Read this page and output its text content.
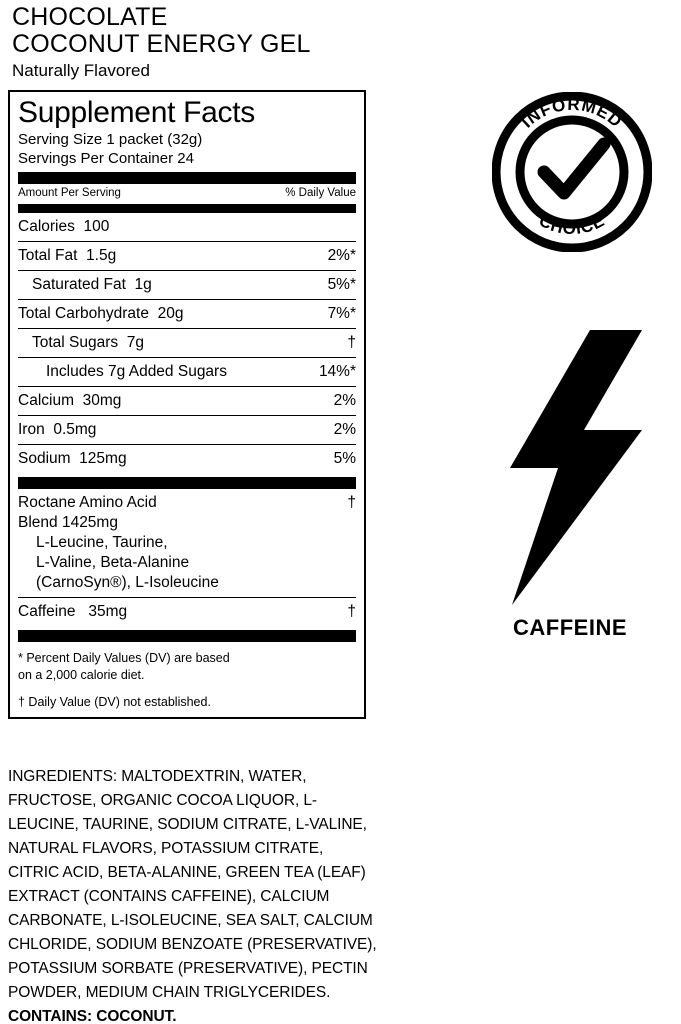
CHOCOLATE
COCONUT ENERGY GEL
Naturally Flavored
Supplement Facts
Serving Size 1 packet (32g)
Servings Per Container 24
Amount Per Serving	% Daily Value
Calories  100
Total Fat  1.5g	2%*
Saturated Fat  1g	5%*
Total Carbohydrate  20g	7%*
Total Sugars  7g	†
Includes 7g Added Sugars	14%*
Calcium  30mg	2%
Iron  0.5mg	2%
Sodium  125mg	5%
Roctane Amino Acid	†
Blend 1425mg
L-Leucine, Taurine,
L-Valine, Beta-Alanine
(CarnoSyn®), L-Isoleucine
Caffeine   35mg	†
* Percent Daily Values (DV) are based
on a 2,000 calorie diet.
† Daily Value (DV) not established.
INGREDIENTS: MALTODEXTRIN, WATER, FRUCTOSE, ORGANIC COCOA LIQUOR, L-LEUCINE, TAURINE, SODIUM CITRATE, L-VALINE, NATURAL FLAVORS, POTASSIUM CITRATE, CITRIC ACID, BETA-ALANINE, GREEN TEA (LEAF) EXTRACT (CONTAINS CAFFEINE), CALCIUM CARBONATE, L-ISOLEUCINE, SEA SALT, CALCIUM CHLORIDE, SODIUM BENZOATE (PRESERVATIVE), POTASSIUM SORBATE (PRESERVATIVE), PECTIN POWDER, MEDIUM CHAIN TRIGLYCERIDES. CONTAINS: COCONUT.
INFORMED
CHOICE
CAFFEINE
